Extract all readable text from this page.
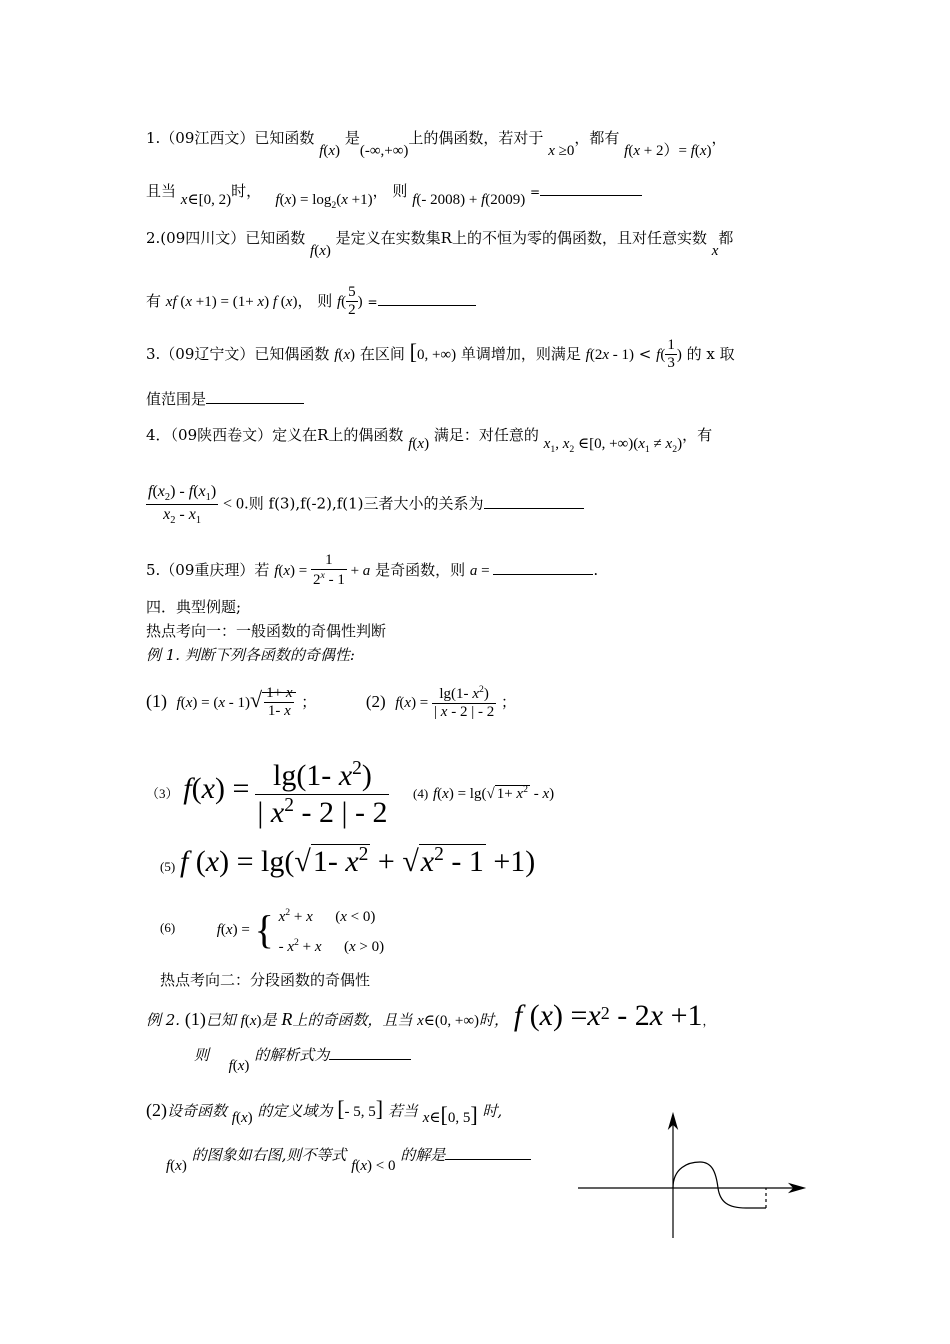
1.（09江西文）已知函数 f(x) 是(-∞,+∞)上的偶函数，若对于 x ≥0，都有 f(x + 2）= f(x)，
且当 x∈[0, 2)时， $f(x) = \log_2(x +1)$， 则 f(- 2008) + f(2009) =
2.(09四川文）已知函数 f(x) 是定义在实数集R上的不恒为零的偶函数，且对任意实数 x都
有 xf (x +1) = (1+ x) f (x)， 则 $f( \frac{5}{2}$ ) =
3.（09辽宁文）已知偶函数 f(x) 在区间 [0, +∞) 单调增加，则满足 $f(2x - 1) < f( \frac{1}{3}$ ) 的 x 取
值范围是
4．（09陕西卷文）定义在R上的偶函数 f(x) 满足：对任意的 $x_1$, $x_2$ ∈[0, $+\infty)(x_1 \ne x_2)$，有
$\frac{f(x_2) - f(x_1)}{x_2 - x_1} < 0$.则 f(3),f(-2),f(1)三者大小的关系为
5.（09重庆理）若 $f(x) = \frac{1}{2^x - 1} + a$ 是奇函数，则 a =	.
四．典型例题;
热点考向一：一般函数的奇偶性判断
例 1. 判断下列各函数的奇偶性:
(1) $f(x) = (x - 1)√ \frac{1+ x}{1- x}$ ；	(2) $f(x) = \frac{\lg(1- x^2)}{| x - 2 | - 2}$ ；
（3） $f(x) = \frac{\lg(1- x^2)}{| x^2 - 2 | - 2} (4) f(x) = \lg(√$ $1+ x^2 - x$)
(5) f (x) = lg(√1- $x^2 + √x^2 - 1 +1$)
(6)	f(x) = { $x^2 + x$      (x < 0)
- $x^2 + x$      (x > 0)
热点考向二：分段函数的奇偶性
例 2. (1)已知 f(x)是 R上的奇函数，且当 x∈(0, +∞)时， f (x) =x2 - 2x +1，
则  f(x) 的解析式为
(2)设奇函数 f(x) 的定义域为 [- 5, 5] 若当 x∈[0, 5] 时,
f(x) 的图象如右图,则不等式 f(x) < 0 的解是
